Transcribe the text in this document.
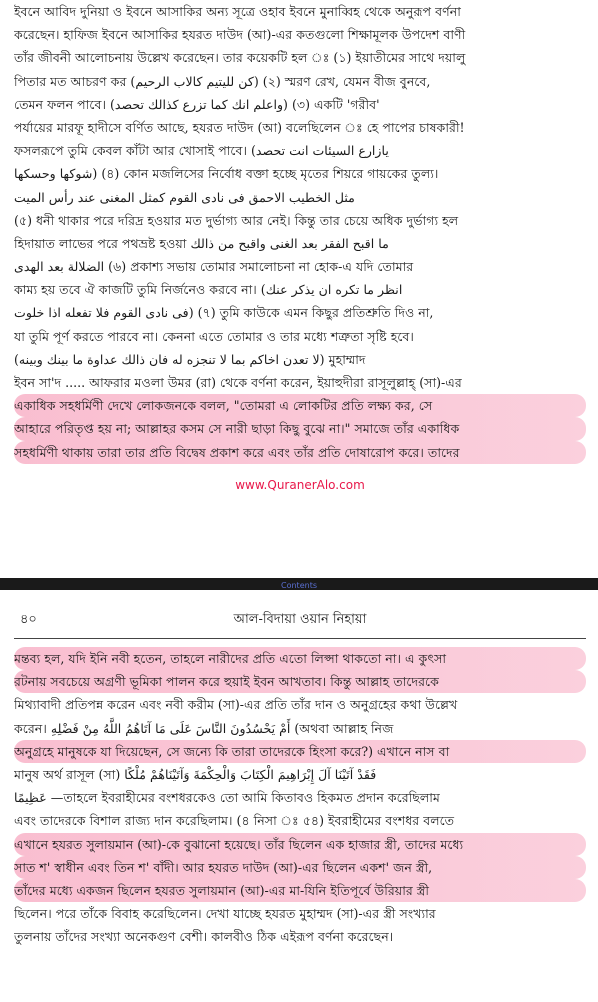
ইবনে আবিদ দুনিয়া ও ইবনে আসাকির অন্য সূত্রে ওহাব ইবনে মুনাব্বিহ থেকে অনুরূপ বর্ণনা
করেছেন। হাফিজ ইবনে আসাকির হযরত দাউদ (আ)-এর কতগুলো শিক্ষামূলক উপদেশ বাণী
তাঁর জীবনী আলোচনায় উল্লেখ করেছেন। তার কয়েকটি হল ঃ (১) ইয়াতীমের সাথে দয়ালু
পিতার মত আচরণ কর (كن لليتيم كالاب الرحيم) (২) স্মরণ রেখ, যেমন বীজ বুনবে,
তেমন ফলন পাবে। (واعلم انك كما تزرع كذالك تحصد) (৩) একটি 'গরীব'
পর্যায়ের মারফূ হাদীসে বর্ণিত আছে, হযরত দাউদ (আ) বলেছিলেন ঃ হে পাপের চাষকারী!
ফসলরূপে তুমি কেবল কাঁটা আর খোসাই পাবে। (يازارع السيئات انت تحصد
شوكها وحسكها) (৪) কোন মজলিসের নির্বোধ বক্তা হচ্ছে মৃতের শিয়রে গায়কের তুল্য।
مثل الخطيب الاحمق فى نادى القوم كمثل المغنى عند رأس الميت
(৫) ধনী থাকার পরে দরিদ্র হওয়ার মত দুর্ভাগ্য আর নেই। কিন্তু তার চেয়ে অধিক দুর্ভাগ্য হল
হিদায়াত লাভের পরে পথভ্রষ্ট হওয়া ما اقبح الفقر بعد الغنى واقبح من ذالك
الضلالة بعد الهدى (৬) প্রকাশ্য সভায় তোমার সমালোচনা না হোক-এ যদি তোমার
কাম্য হয় তবে ঐ কাজটি তুমি নির্জনেও করবে না। (انظر ما تكره ان يذكر عنك
فى نادى القوم فلا تفعله اذا خلوت) (৭) তুমি কাউকে এমন কিছুর প্রতিশ্রুতি দিও না,
যা তুমি পূর্ণ করতে পারবে না। কেননা এতে তোমার ও তার মধ্যে শত্রুতা সৃষ্টি হবে।
(لا تعدن اخاكم بما لا تنجزه له فان ذالك عداوة ما بينك وبينه) মুহাম্মাদ
ইবন সা'দ ..... আফরার মওলা উমর (রা) থেকে বর্ণনা করেন, ইয়াহুদীরা রাসূলুল্লাহ্ (সা)-এর
একাধিক সহধর্মিণী দেখে লোকজনকে বলল, "তোমরা এ লোকটির প্রতি লক্ষ্য কর, সে
আহারে পরিতৃপ্ত হয় না; আল্লাহর কসম সে নারী ছাড়া কিছু বুঝে না।" সমাজে তাঁর একাধিক
সহধর্মিণী থাকায় তারা তার প্রতি বিদ্বেষ প্রকাশ করে এবং তাঁর প্রতি দোষারোপ করে। তাদের
www.QuranerAlo.com
Contents
৪০	আল-বিদায়া ওয়ান নিহায়া
মন্তব্য হল, যদি ইনি নবী হতেন, তাহলে নারীদের প্রতি এতো লিপ্সা থাকতো না। এ কুৎসা
রটনায় সবচেয়ে অগ্রণী ভূমিকা পালন করে হুয়াই ইবন আখতাব। কিন্তু আল্লাহ তাদেরকে
মিথ্যাবাদী প্রতিপন্ন করেন এবং নবী করীম (সা)-এর প্রতি তাঁর দান ও অনুগ্রহের কথা উল্লেখ
করেন। أَمْ يَحْسُدُونَ النَّاسَ عَلَى مَا آتَاهُمُ اللَّهُ مِنْ فَضْلِهِ (অথবা আল্লাহ নিজ
অনুগ্রহে মানুষকে যা দিয়েছেন, সে জন্যে কি তারা তাদেরকে হিংসা করে?) এখানে নাস বা
মানুষ অর্থ রাসূল (সা) فَقَدْ آتَيْنَا آلَ إِبْرَاهِيمَ الْكِتَابَ وَالْحِكْمَةَ وَآتَيْنَاهُمْ مُلْكًا
عَظِيمًا —তাহলে ইবরাহীমের বংশধরকেও তো আমি কিতাবও হিকমত প্রদান করেছিলাম
এবং তাদেরকে বিশাল রাজ্য দান করেছিলাম। (৪ নিসা ঃ ৫৪) ইবরাহীমের বংশধর বলতে
এখানে হযরত সুলায়মান (আ)-কে বুঝানো হয়েছে। তাঁর ছিলেন এক হাজার স্ত্রী, তাদের মধ্যে
সাত শ' স্বাধীন এবং তিন শ' বাঁদী। আর হযরত দাউদ (আ)-এর ছিলেন একশ' জন স্ত্রী,
তাঁদের মধ্যে একজন ছিলেন হযরত সুলায়মান (আ)-এর মা-যিনি ইতিপূর্বে উরিয়ার স্ত্রী
ছিলেন। পরে তাঁকে বিবাহ করেছিলেন। দেখা যাচ্ছে হযরত মুহাম্মদ (সা)-এর স্ত্রী সংখ্যার
তুলনায় তাঁদের সংখ্যা অনেকগুণ বেশী। কালবীও ঠিক এইরূপ বর্ণনা করেছেন।
